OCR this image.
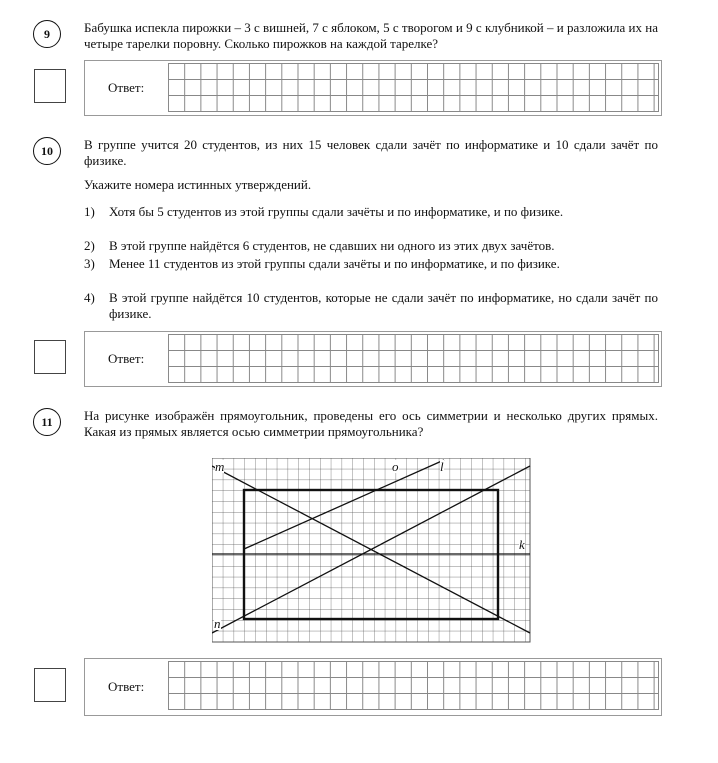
9	Бабушка испекла пирожки – 3 с вишней, 7 с яблоком, 5 с творогом и 9 с клубникой – и разложила их на четыре тарелки поровну. Сколько пирожков на каждой тарелке?
Ответ:
10	В группе учится 20 студентов, из них 15 человек сдали зачёт по информатике и 10 сдали зачёт по физике.
Укажите номера истинных утверждений.
1) Хотя бы 5 студентов из этой группы сдали зачёты и по информатике, и по физике.
2) В этой группе найдётся 6 студентов, не сдавших ни одного из этих двух зачётов.
3) Менее 11 студентов из этой группы сдали зачёты и по информатике, и по физике.
4) В этой группе найдётся 10 студентов, которые не сдали зачёт по информатике, но сдали зачёт по физике.
Ответ:
11	На рисунке изображён прямоугольник, проведены его ось симметрии и несколько других прямых. Какая из прямых является осью симметрии прямоугольника?
m	o	l
k
n
Ответ:
